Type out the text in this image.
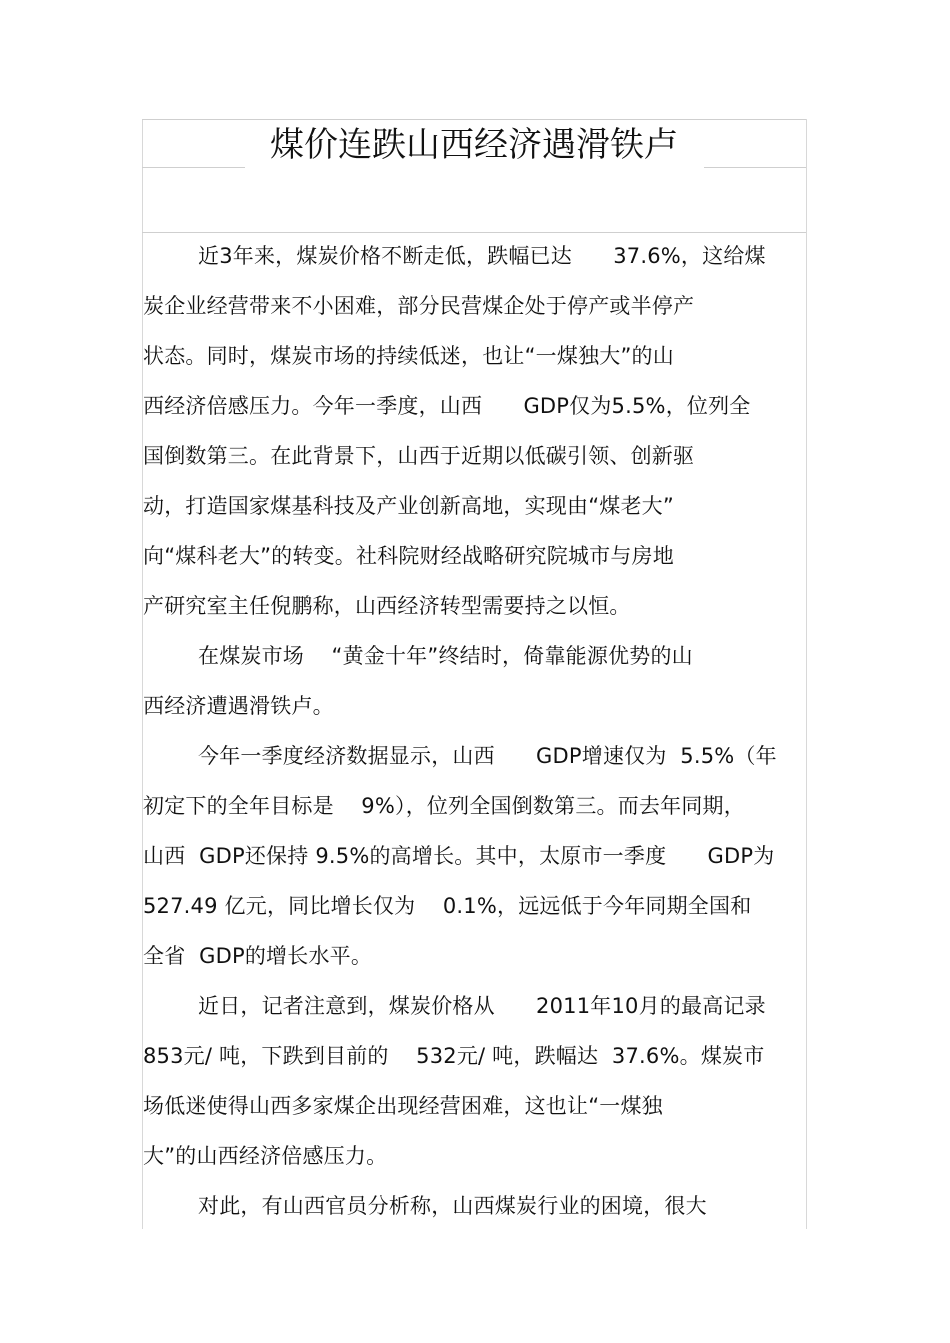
煤价连跌山西经济遇滑铁卢
近3年来，煤炭价格不断走低，跌幅已达      37.6%，这给煤
炭企业经营带来不小困难，部分民营煤企处于停产或半停产
状态。同时，煤炭市场的持续低迷，也让“一煤独大”的山
西经济倍感压力。今年一季度，山西      GDP仅为5.5%，位列全
国倒数第三。在此背景下，山西于近期以低碳引领、创新驱
动，打造国家煤基科技及产业创新高地，实现由“煤老大”
向“煤科老大”的转变。社科院财经战略研究院城市与房地
产研究室主任倪鹏称，山西经济转型需要持之以恒。
在煤炭市场    “黄金十年”终结时，倚靠能源优势的山
西经济遭遇滑铁卢。
今年一季度经济数据显示，山西      GDP增速仅为  5.5%（年
初定下的全年目标是    9%），位列全国倒数第三。而去年同期，
山西  GDP还保持 9.5%的高增长。其中，太原市一季度      GDP为
527.49 亿元，同比增长仅为    0.1%，远远低于今年同期全国和
全省  GDP的增长水平。
近日，记者注意到，煤炭价格从      2011年10月的最高记录
853元/ 吨，下跌到目前的    532元/ 吨，跌幅达  37.6%。煤炭市
场低迷使得山西多家煤企出现经营困难，这也让“一煤独
大”的山西经济倍感压力。
对此，有山西官员分析称，山西煤炭行业的困境，很大
